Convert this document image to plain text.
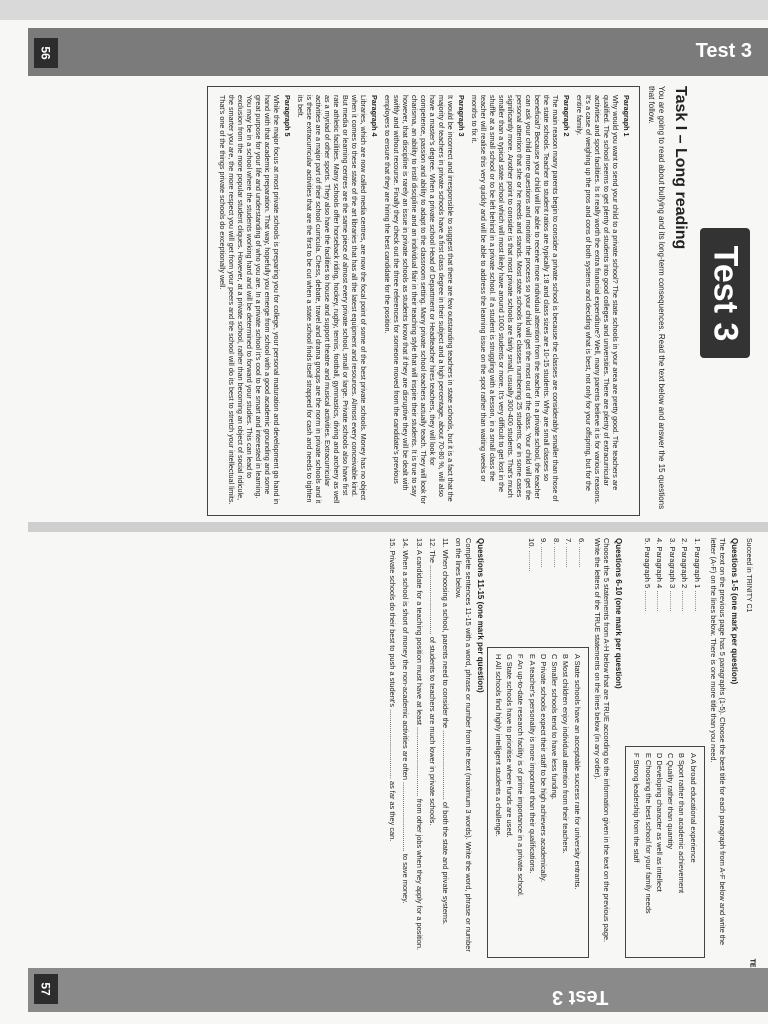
56	Test 3
Test 3
Task I – Long reading
You are going to read about bullying and its long-term consequences. Read the text below and answer the 15 questions that follow.
Paragraph 1
Why would you want to send your child to a private school? The state schools in your area are pretty good. The teachers are qualified. The school seems to get plenty of students into good colleges and universities. There are plenty of extracurricular activities and sport facilities. Is it really worth the extra financial expenditure? Well, many parents believe it is for various reasons. It's a case of weighing up the pros and cons of both systems and deciding what is best, not only for your offspring, but for the entire family.
Paragraph 2
The main reason many parents begin to consider a private school is because the classes are considerably smaller than those of the state schools. Teacher to student ratios are typically 1:8 and class sizes are 10-15 students. Why are small classes so beneficial? Because your child will be able to receive more individual attention from the teacher. In a private school, the teacher can ask your child more questions and monitor the process so your child will get the most out of the class. Your child will get the personal attention that she or he needs and stands. Most state schools have classes numbering 25 students, or in some cases significantly more. Another point to consider is that most private schools are fairly small, usually 300-400 students. That's much smaller than a typical state school which will most likely have around 1000 students or more. It's very difficult to get lost in the shuffle at a small school or to be left behind in a private school. If a student is struggling with a lesson, in a small class the teacher will realise this very quickly and will be able to address the learning issue on the spot rather than waiting weeks or months to fix it.
Paragraph 3
It would be incorrect and irresponsible to suggest that there are few outstanding teachers in state schools, but it is a fact that the majority of teachers in private schools have a first class degree in their subject and a high percentage, about 70-80 %, will also have a master's degree. When a private school Head of Department or Headteacher hires teachers, they will look for competence, passion and ability to adapt to the classroom setting. Many private school teachers actually teach. They will look for charisma, an ability to instil discipline and an individual flair in their teaching style that will inspire their students. It is true to say however, that discipline is rarely an issue in private schools as students know that if they are disruptive they will be dealt with swiftly and without recourse. Finally they check out the three references for someone moved from the candidate's previous employers to ensure that they are hiring the best candidate for the position.
Paragraph 4
Libraries, which are now called media centres, are now the focal point of some of the best private schools. Money has no object when it comes to these state of the art libraries that has all the latest equipment and resources. Almost every conceivable kind. But media or learning centres are the same piece of almost every private school, small or large. Private schools also have first rate athletic facilities. Many schools offer horseback riding, hockey, rugby, tennis, football, gymnastics, diving and archery as well as a myriad of other sports. They also have the facilities to house and support theatre and musical activities. Extracurricular activities are a major part of their school curricula. Chess, debate, travel and drama groups are the norm in private schools and it is these extracurricular activities that are the first to be cut when a state school finds itself strapped for cash and needs to tighten its belt.
Paragraph 5
While the major focus at most private schools is preparing you for college, your personal maturation and development go hand in hand with that academic preparation. That way, hopefully you emerge from school with a good academic grounding and some great purpose for your life and understanding of who you are. In a private school it's cool to be smart and interested in learning. You may be in a school where the students working hard and will be determined to forward your studies. This can lead to exclusion from the more popular student cliques. However, at a private school, rather than becoming an object of social ridicule, the smarter you are, the more respect you will get from your peers and the school will do its best to stretch your intellectual limits. That's one of the things private schools do exceptionally well.
Succeed in TRINITY C1
Questions 1-5 (one mark per question)
The text on the previous page has 5 paragraphs (1-5). Choose the best title for each paragraph from A-F below and write the letter (A-F) on the lines below. There is one more title than you need.
1. Paragraph 1 ..........
2. Paragraph 2 ..........
3. Paragraph 3 ..........
4. Paragraph 4 ..........
5. Paragraph 5 ..........
A A broad educational experience
B Sport rather than academic achievement
C Quality rather than quantity
D Developing character as well as intellect
E Choosing the best school for your family needs
F Strong leadership from the staff
Questions 6-10 (one mark per question)
Choose the 5 statements from A-H below that are TRUE according to the information given in the text on the previous page. Write the letters of the TRUE statements on the lines below (in any order).
6. ..........
7. ..........
8. ..........
9. ..........
10. ..........
A State schools have an acceptable success rate for university entrants.
B Most children enjoy individual attention from their teachers.
C Smaller schools tend to have less funding.
D Private schools expect their staff to be high achievers academically.
E A teacher's personality is more important than their qualifications.
F An up-to-date research facility is of prime importance in a private school.
G State schools have to prioritise where funds are used.
H All schools find highly intelligent students a challenge.
Questions 11-15 (one mark per question)
Complete sentences 11-15 with a word, phrase or number from the text (maximum 3 words). Write the word, phrase or number on the lines below.
11. When choosing a school, parents need to consider the .................................. of both the state and private systems.
12. The .................................. of students to teachers are much lower in private schools.
13. A candidate for a teaching position must have at least .................................. from other jobs when they apply for a position.
14. When a school is short of money the non-academic activities are often .................................. to save money.
15. Private schools do their best to push a student's .................................. as far as they can.
57	Test 3
